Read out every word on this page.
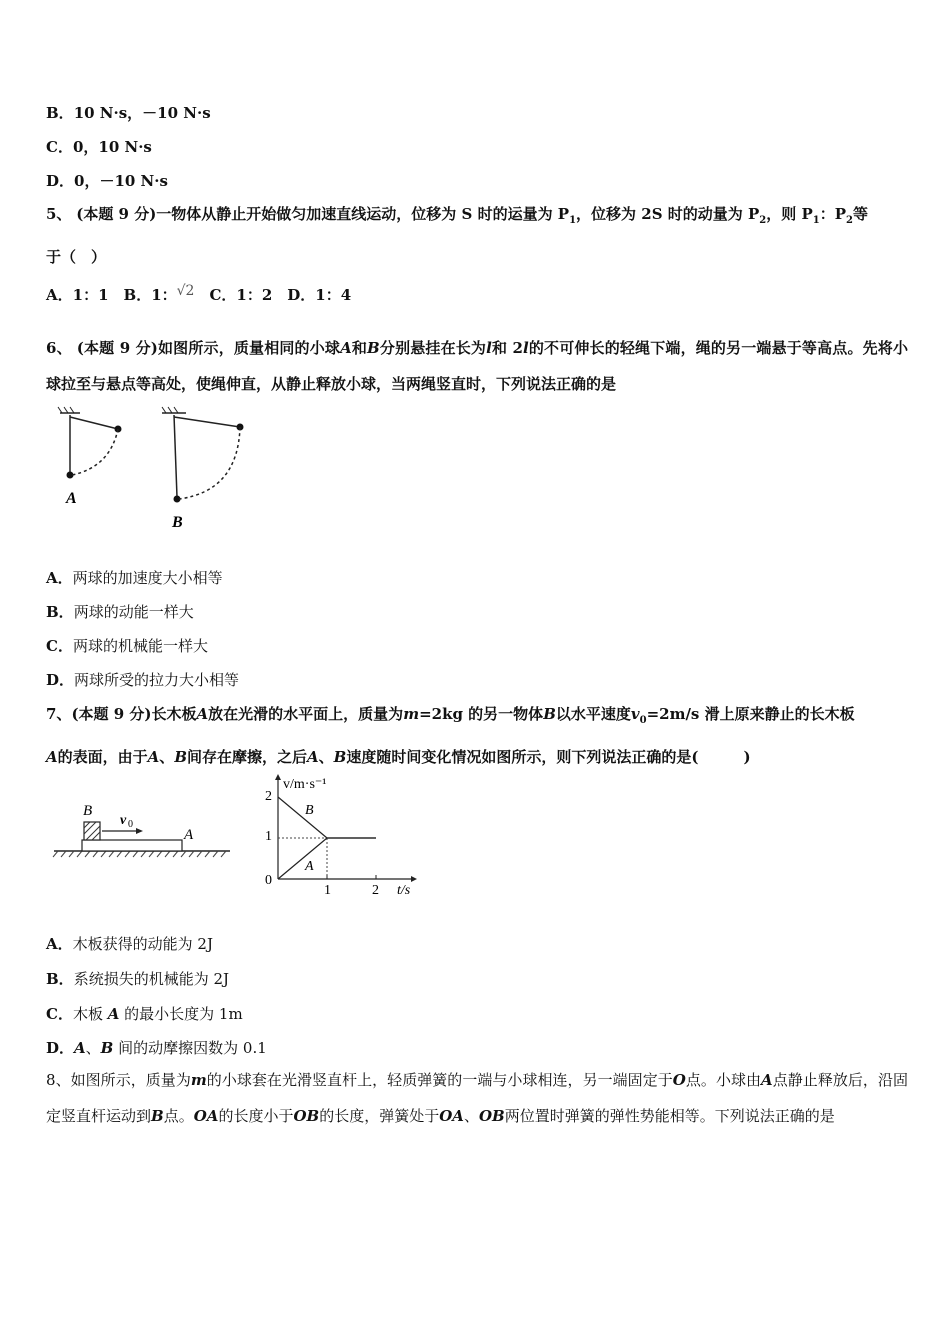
B．10 N·s，－10 N·s
C．0，10 N·s
D．0，－10 N·s
5、 (本题 9 分)一物体从静止开始做匀加速直线运动，位移为 S 时的运量为 $P_1$，位移为 2S 时的动量为 $P_2$，则 $P_1$：$P_2$等
于（　）
A．1：1　B．1：√2　C．1：2　D．1：4
6、 (本题 9 分)如图所示，质量相同的小球A和B分别悬挂在长为l和 2l的不可伸长的轻绳下端，绳的另一端悬于等高点。先将小球拉至与悬点等高处，使绳伸直，从静止释放小球，当两绳竖直时，下列说法正确的是
A
B
A．两球的加速度大小相等
B．两球的动能一样大
C．两球的机械能一样大
D．两球所受的拉力大小相等
7、(本题 9 分)长木板A放在光滑的水平面上，质量为m=2kg 的另一物体B以水平速度$v_0=2m/s$ 滑上原来静止的长木板
A的表面，由于A、B间存在摩擦，之后A、B速度随时间变化情况如图所示，则下列说法正确的是(　　　)
B
v 0
A
v/m·s⁻¹
t/s
0
1
2
1	2
B
A
A．木板获得的动能为 2J
B．系统损失的机械能为 2J
C．木板 A 的最小长度为 1m
D．A、B 间的动摩擦因数为 0.1
8、如图所示，质量为m的小球套在光滑竖直杆上，轻质弹簧的一端与小球相连，另一端固定于O点。小球由A点静止释放后，沿固定竖直杆运动到B点。OA的长度小于OB的长度，弹簧处于OA、OB两位置时弹簧的弹性势能相等。下列说法正确的是
